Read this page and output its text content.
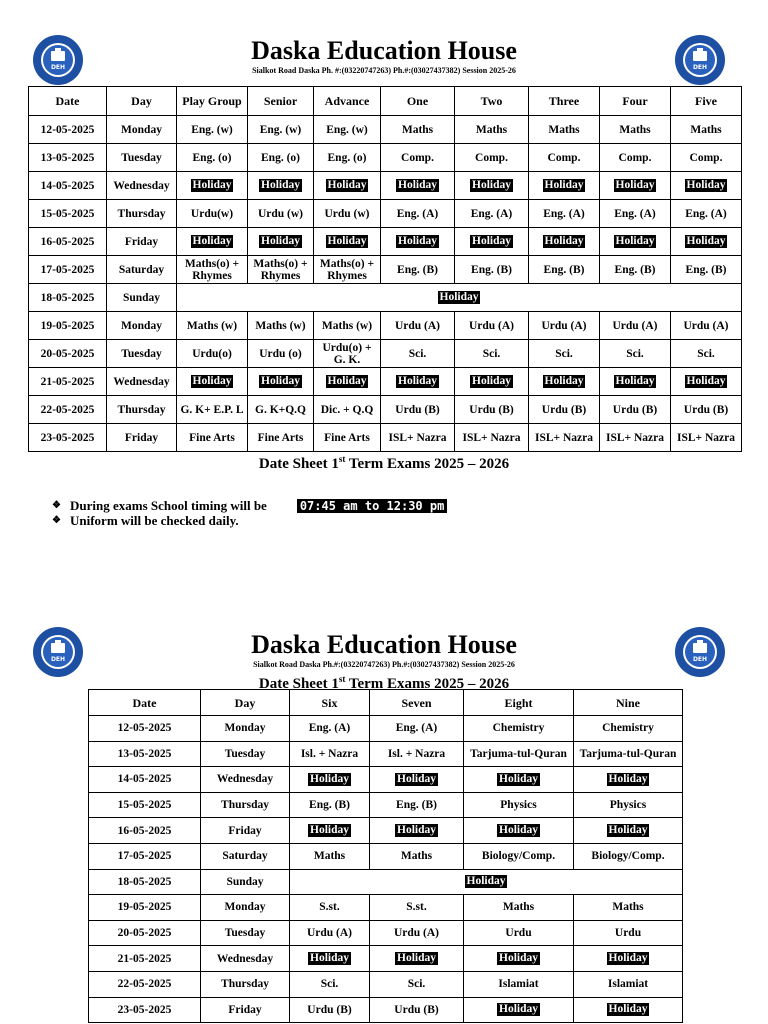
DEH	DEH
Daska Education House
Sialkot Road Daska Ph. #:(03220747263) Ph.#:(03027437382) Session 2025-26
Date	Day	Play Group	Senior	Advance	One	Two	Three	Four	Five
12-05-2025	Monday	Eng. (w)	Eng. (w)	Eng. (w)	Maths	Maths	Maths	Maths	Maths
13-05-2025	Tuesday	Eng. (o)	Eng. (o)	Eng. (o)	Comp.	Comp.	Comp.	Comp.	Comp.
14-05-2025	Wednesday	Holiday	Holiday	Holiday	Holiday	Holiday	Holiday	Holiday	Holiday
15-05-2025	Thursday	Urdu(w)	Urdu (w)	Urdu (w)	Eng. (A)	Eng. (A)	Eng. (A)	Eng. (A)	Eng. (A)
16-05-2025	Friday	Holiday	Holiday	Holiday	Holiday	Holiday	Holiday	Holiday	Holiday
17-05-2025	Saturday	Maths(o) + Rhymes	Maths(o) + Rhymes	Maths(o) + Rhymes	Eng. (B)	Eng. (B)	Eng. (B)	Eng. (B)	Eng. (B)
18-05-2025	Sunday	Holiday							
19-05-2025	Monday	Maths (w)	Maths (w)	Maths (w)	Urdu (A)	Urdu (A)	Urdu (A)	Urdu (A)	Urdu (A)
20-05-2025	Tuesday	Urdu(o)	Urdu (o)	Urdu(o) + G. K.	Sci.	Sci.	Sci.	Sci.	Sci.
21-05-2025	Wednesday	Holiday	Holiday	Holiday	Holiday	Holiday	Holiday	Holiday	Holiday
22-05-2025	Thursday	G. K+ E.P. L	G. K+Q.Q	Dic. + Q.Q	Urdu (B)	Urdu (B)	Urdu (B)	Urdu (B)	Urdu (B)
23-05-2025	Friday	Fine Arts	Fine Arts	Fine Arts	ISL+ Nazra	ISL+ Nazra	ISL+ Nazra	ISL+ Nazra	ISL+ Nazra
Date Sheet 1st Term Exams 2025 – 2026
❖ During exams School timing will be	07:45 am to 12:30 pm
❖ Uniform will be checked daily.
DEH	DEH
Daska Education House
Sialkot Road Daska Ph.#:(03220747263) Ph.#:(03027437382) Session 2025-26
Date Sheet 1st Term Exams 2025 – 2026
Date	Day	Six	Seven	Eight	Nine
12-05-2025	Monday	Eng. (A)	Eng. (A)	Chemistry	Chemistry
13-05-2025	Tuesday	Isl. + Nazra	Isl. + Nazra	Tarjuma-tul-Quran	Tarjuma-tul-Quran
14-05-2025	Wednesday	Holiday	Holiday	Holiday	Holiday
15-05-2025	Thursday	Eng. (B)	Eng. (B)	Physics	Physics
16-05-2025	Friday	Holiday	Holiday	Holiday	Holiday
17-05-2025	Saturday	Maths	Maths	Biology/Comp.	Biology/Comp.
18-05-2025	Sunday	Holiday			
19-05-2025	Monday	S.st.	S.st.	Maths	Maths
20-05-2025	Tuesday	Urdu (A)	Urdu (A)	Urdu	Urdu
21-05-2025	Wednesday	Holiday	Holiday	Holiday	Holiday
22-05-2025	Thursday	Sci.	Sci.	Islamiat	Islamiat
23-05-2025	Friday	Urdu (B)	Urdu (B)	Holiday	Holiday
